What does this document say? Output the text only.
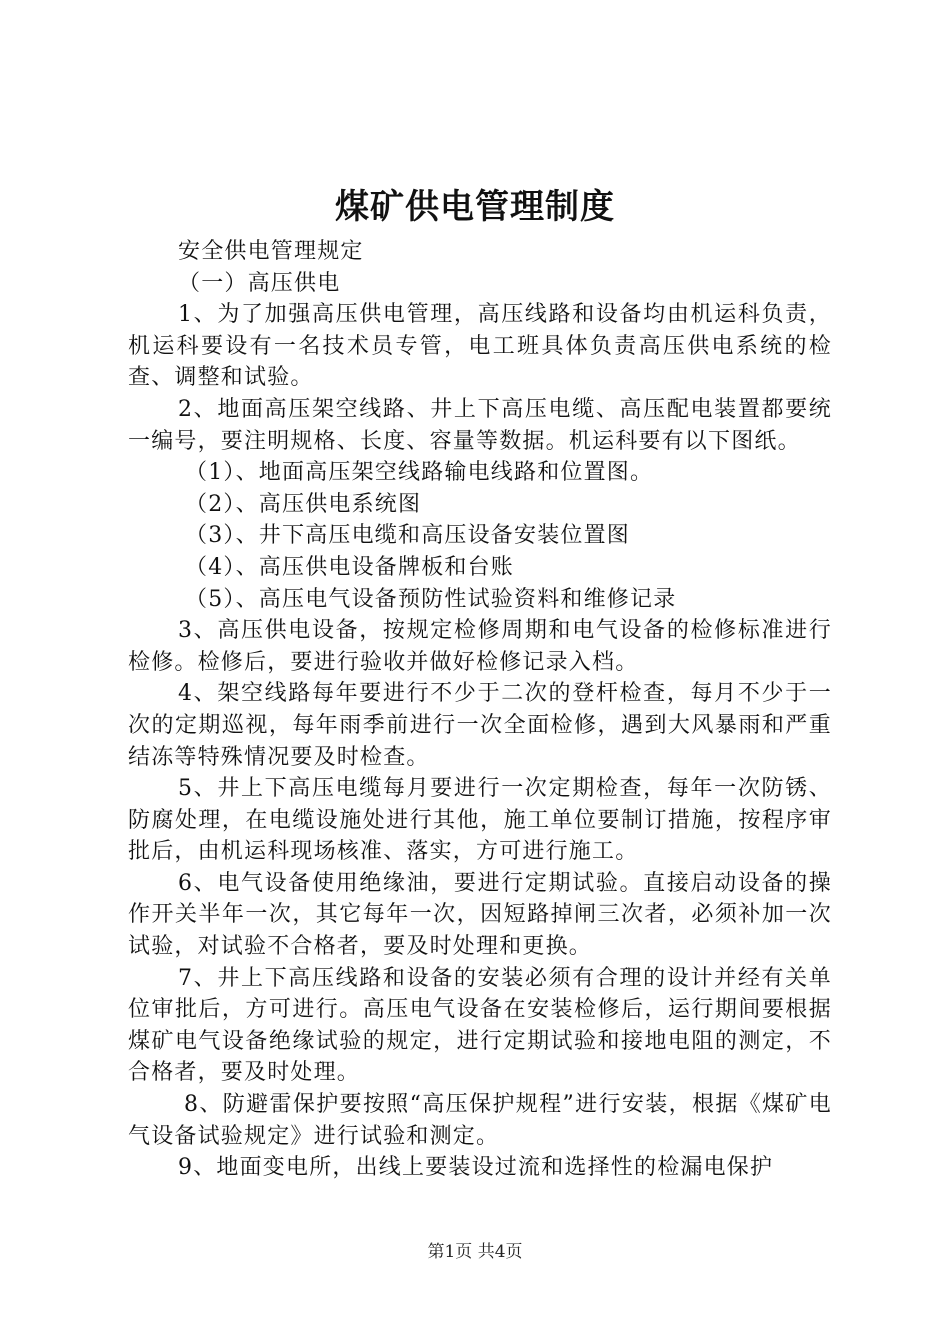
煤矿供电管理制度

安全供电管理规定

（一）高压供电

1、为了加强高压供电管理，高压线路和设备均由机运科负责，机运科要设有一名技术员专管，电工班具体负责高压供电系统的检查、调整和试验。

2、地面高压架空线路、井上下高压电缆、高压配电装置都要统一编号，要注明规格、长度、容量等数据。机运科要有以下图纸。

（1）、地面高压架空线路输电线路和位置图。

（2）、高压供电系统图

（3）、井下高压电缆和高压设备安装位置图

（4）、高压供电设备牌板和台账

（5）、高压电气设备预防性试验资料和维修记录

3、高压供电设备，按规定检修周期和电气设备的检修标准进行检修。检修后，要进行验收并做好检修记录入档。

4、架空线路每年要进行不少于二次的登杆检查，每月不少于一次的定期巡视，每年雨季前进行一次全面检修，遇到大风暴雨和严重结冻等特殊情况要及时检查。

5、井上下高压电缆每月要进行一次定期检查，每年一次防锈、防腐处理，在电缆设施处进行其他，施工单位要制订措施，按程序审批后，由机运科现场核准、落实，方可进行施工。

6、电气设备使用绝缘油，要进行定期试验。直接启动设备的操作开关半年一次，其它每年一次，因短路掉闸三次者，必须补加一次试验，对试验不合格者，要及时处理和更换。

7、井上下高压线路和设备的安装必须有合理的设计并经有关单位审批后，方可进行。高压电气设备在安装检修后，运行期间要根据煤矿电气设备绝缘试验的规定，进行定期试验和接地电阻的测定，不合格者，要及时处理。

8、防避雷保护要按照“高压保护规程”进行安装，根据《煤矿电气设备试验规定》进行试验和测定。

9、地面变电所，出线上要装设过流和选择性的检漏电保护

第1页 共4页
